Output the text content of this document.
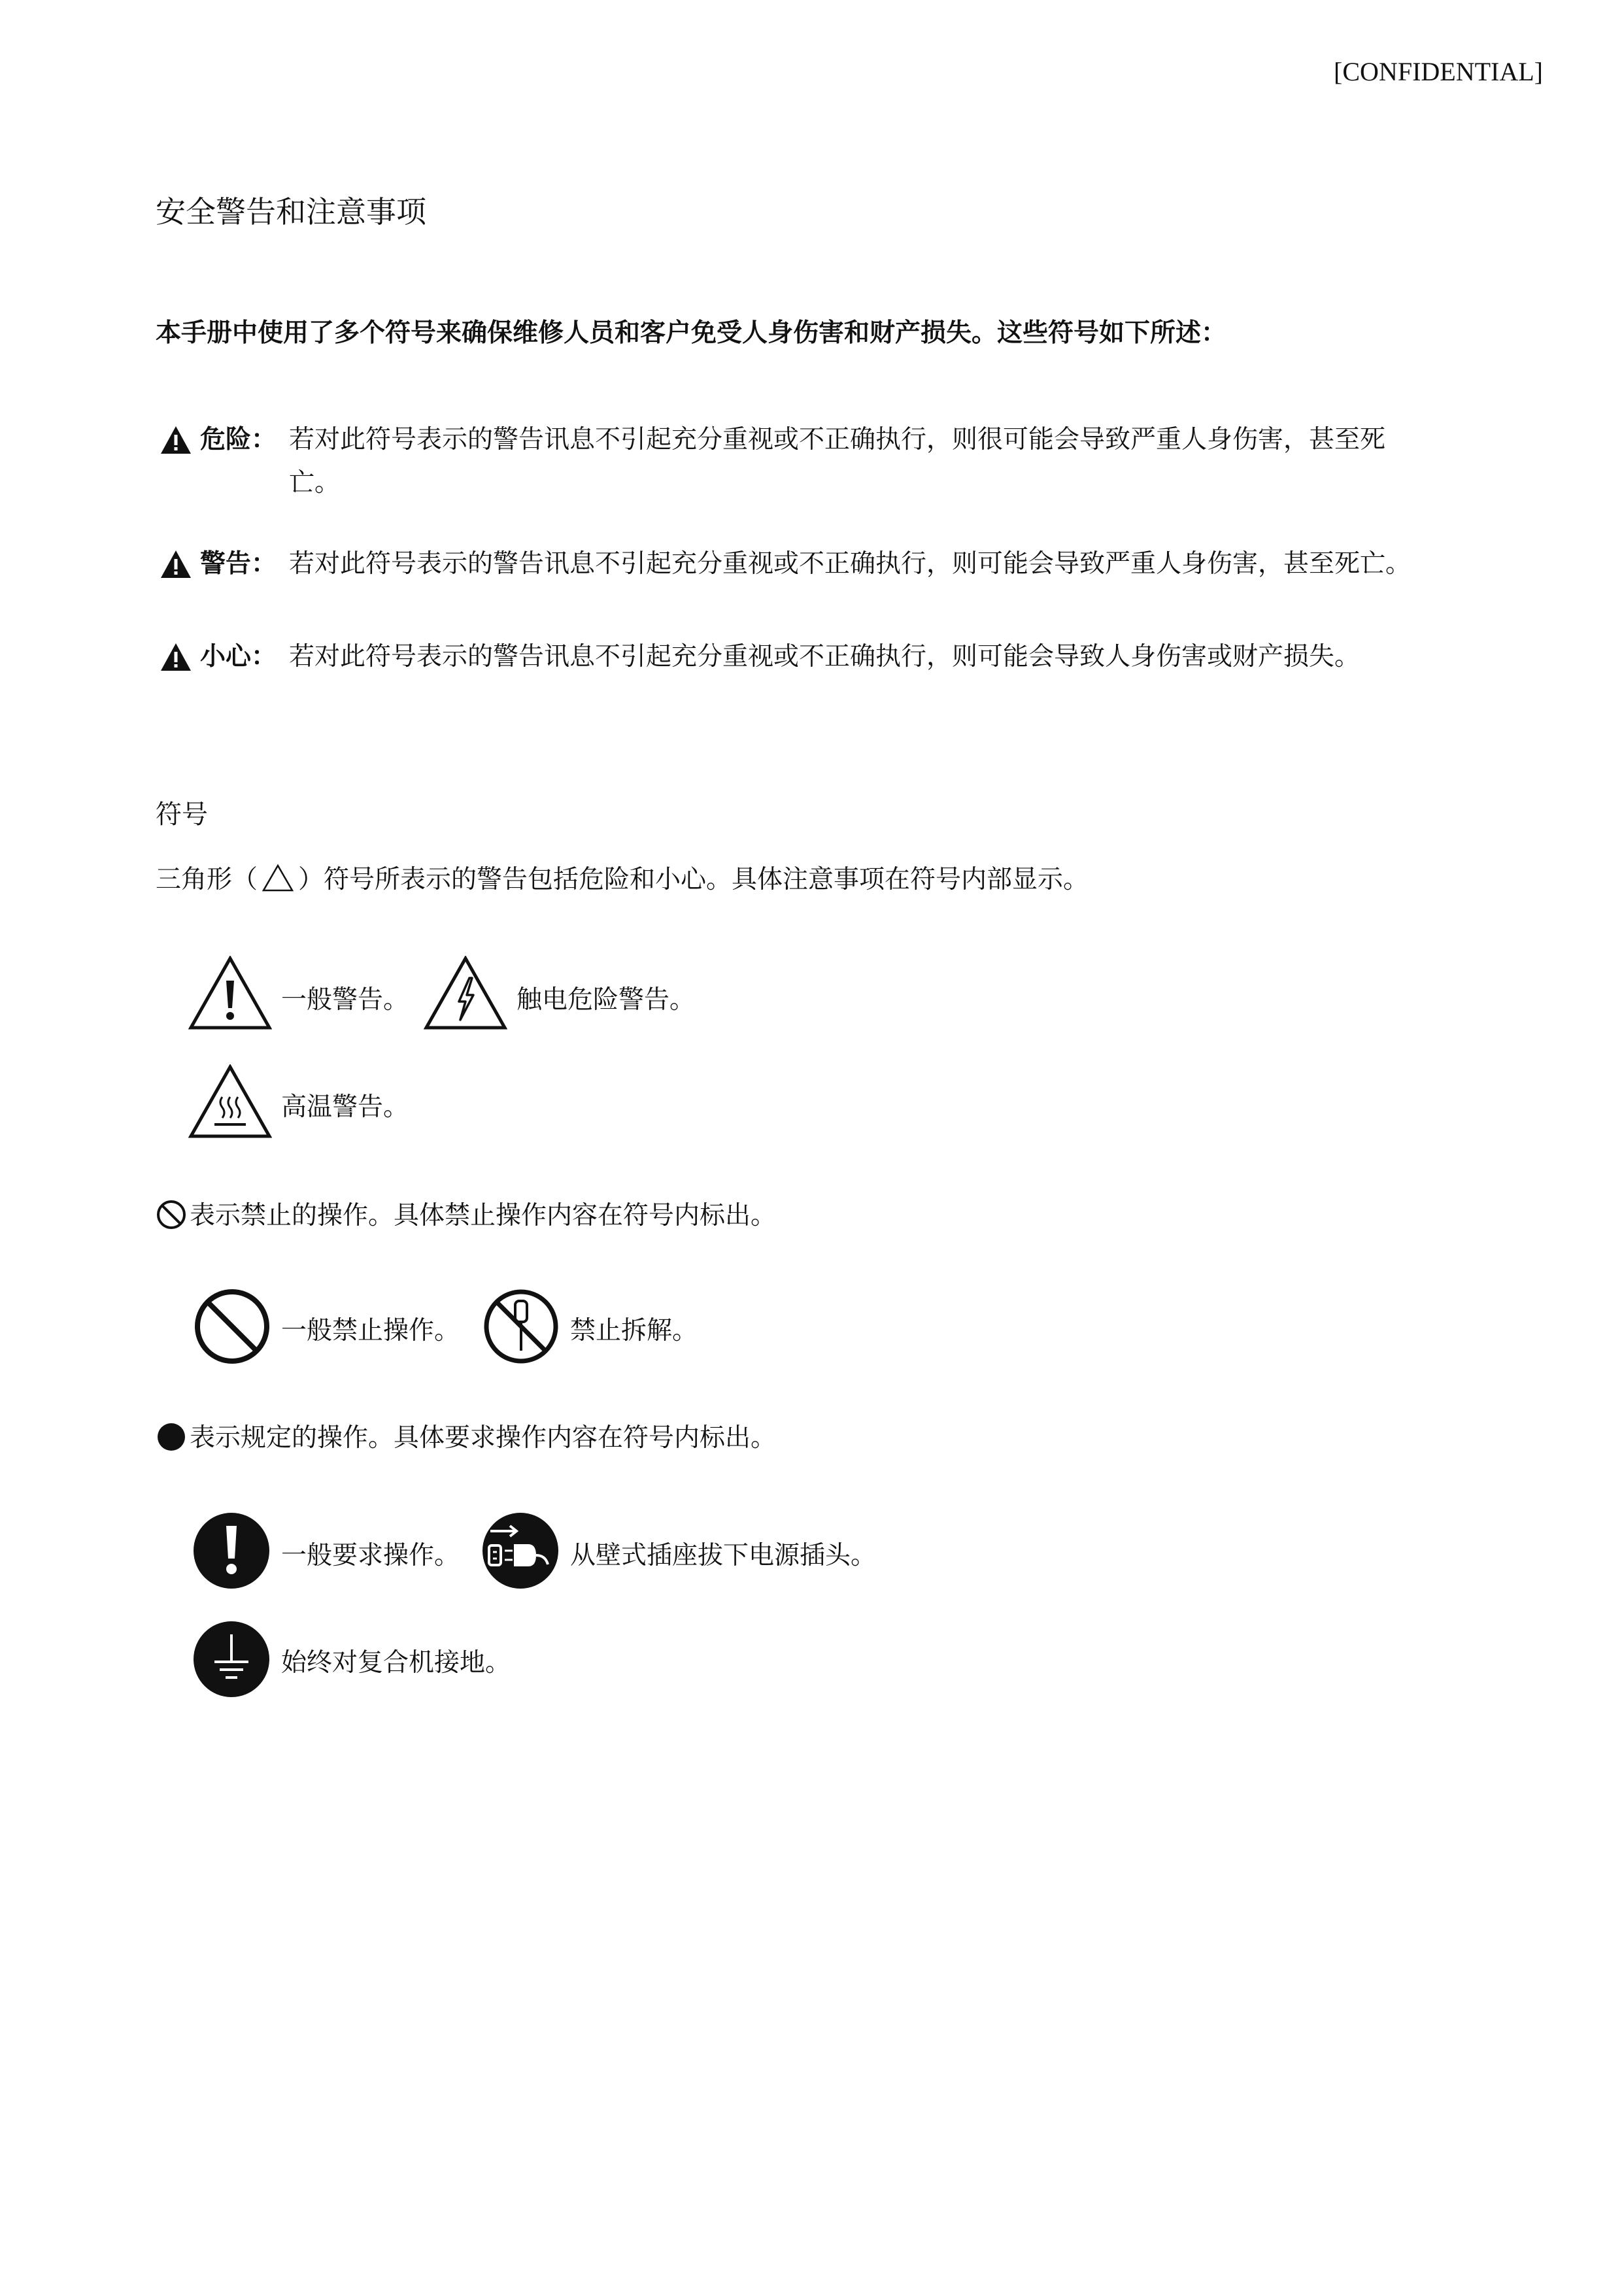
[CONFIDENTIAL]
安全警告和注意事项
本手册中使用了多个符号来确保维修人员和客户免受人身伤害和财产损失。这些符号如下所述：
危险： 若对此符号表示的警告讯息不引起充分重视或不正确执行，则很可能会导致严重人身伤害，甚至死
亡。
警告： 若对此符号表示的警告讯息不引起充分重视或不正确执行，则可能会导致严重人身伤害，甚至死亡。
小心： 若对此符号表示的警告讯息不引起充分重视或不正确执行，则可能会导致人身伤害或财产损失。
符号
三角形（ ）符号所表示的警告包括危险和小心。具体注意事项在符号内部显示。
一般警告。	触电危险警告。
高温警告。
表示禁止的操作。具体禁止操作内容在符号内标出。
一般禁止操作。	禁止拆解。
表示规定的操作。具体要求操作内容在符号内标出。
一般要求操作。	从壁式插座拔下电源插头。
始终对复合机接地。
